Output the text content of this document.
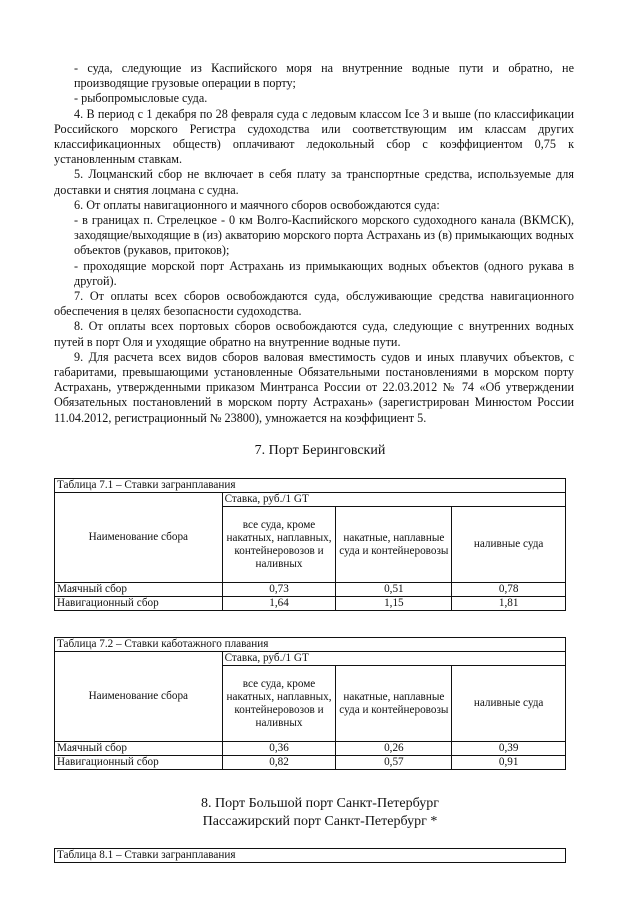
- суда, следующие из Каспийского моря на внутренние водные пути и обратно, не производящие грузовые операции в порту;

- рыбопромысловые суда.

4. В период с 1 декабря по 28 февраля суда с ледовым классом Ice 3 и выше (по классификации Российского морского Регистра судоходства или соответствующим им классам других классификационных обществ) оплачивают ледокольный сбор с коэффициентом 0,75 к установленным ставкам.

5. Лоцманский сбор не включает в себя плату за транспортные средства, используемые для доставки и снятия лоцмана с судна.

6. От оплаты навигационного и маячного сборов освобождаются суда:

- в границах п. Стрелецкое - 0 км Волго-Каспийского морского судоходного канала (ВКМСК), заходящие/выходящие в (из) акваторию морского порта Астрахань из (в) примыкающих водных объектов (рукавов, притоков);

- проходящие морской порт Астрахань из примыкающих водных объектов (одного рукава в другой).

7. От оплаты всех сборов освобождаются суда, обслуживающие средства навигационного обеспечения в целях безопасности судоходства.

8. От оплаты всех портовых сборов освобождаются суда, следующие с внутренних водных путей в порт Оля и уходящие обратно на внутренние водные пути.

9. Для расчета всех видов сборов валовая вместимость судов и иных плавучих объектов, с габаритами, превышающими установленные Обязательными постановлениями в морском порту Астрахань, утвержденными приказом Минтранса России от 22.03.2012 № 74 «Об утверждении Обязательных постановлений в морском порту Астрахань» (зарегистрирован Минюстом России 11.04.2012, регистрационный № 23800), умножается на коэффициент 5.

7. Порт Беринговский
Таблица 7.1 – Ставки загранплавания			
Наименование сбора	Ставка, руб./1 GT		
	все суда, кроме накатных, наплавных, контейнеровозов и наливных	накатные, наплавные суда и контейнеровозы	наливные суда
Маячный сбор	0,73	0,51	0,78
Навигационный сбор	1,64	1,15	1,81
Таблица 7.2 – Ставки каботажного плавания			
Наименование сбора	Ставка, руб./1 GT		
	все суда, кроме накатных, наплавных, контейнеровозов и наливных	накатные, наплавные суда и контейнеровозы	наливные суда
Маячный сбор	0,36	0,26	0,39
Навигационный сбор	0,82	0,57	0,91
8. Порт Большой порт Санкт-Петербург
Пассажирский порт Санкт-Петербург *
Таблица 8.1 – Ставки загранплавания
